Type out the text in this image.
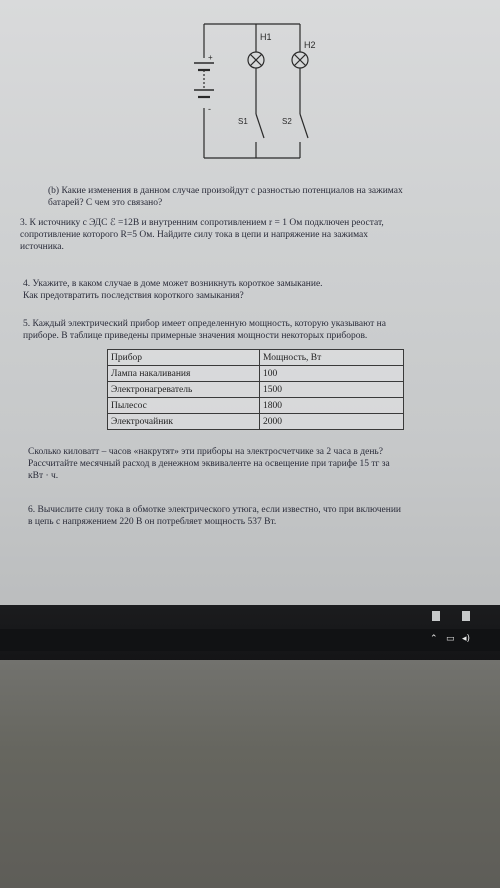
H1
H2
S1	S2
+
-

(b) Какие изменения в данном случае произойдут с разностью потенциалов на зажимах

батарей? С чем это связано?

3. К источнику с ЭДС ℰ =12В и внутренним сопротивлением r = 1 Ом подключен реостат,

сопротивление которого R=5 Ом. Найдите силу тока в цепи и напряжение на зажимах

источника.

4. Укажите, в каком случае в доме может возникнуть короткое замыкание.

Как предотвратить последствия короткого замыкания?

5. Каждый электрический прибор имеет определенную мощность, которую указывают на

приборе. В таблице приведены примерные значения мощности некоторых приборов.

Прибор	Мощность, Вт
Лампа накаливания	100
Электронагреватель	1500
Пылесос	1800
Электрочайник	2000

Сколько киловатт – часов «накрутят» эти приборы на электросчетчике за 2 часа в день?

Рассчитайте месячный расход в денежном эквиваленте на освещение при тарифе 15 тг за

кВт · ч.

6. Вычислите силу тока в обмотке электрического утюга, если известно, что при включении

в цепь с напряжением 220 В он потребляет мощность 537 Вт.

⌃ ▭ ◂)
